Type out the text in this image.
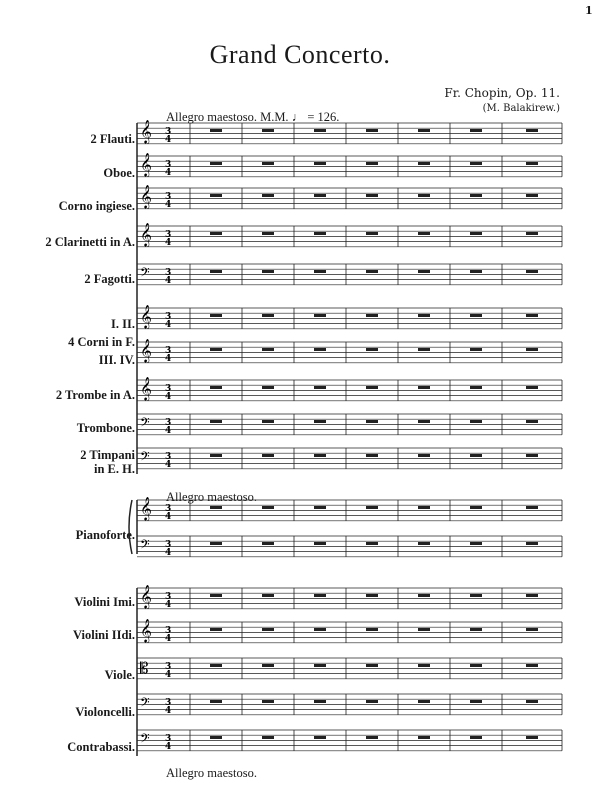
1
Grand Concerto.
Fr. Chopin, Op. 11.
(M. Balakirew.)
Allegro maestoso. M.M. ♩ = 126.
Allegro maestoso.
Allegro maestoso.
2 Flauti.
Oboe.
Corno ingiese.
2 Clarinetti in A.
2 Fagotti.
I. II.
4 Corni in F.
III. IV.
2 Trombe in A.
Trombone.
2 Timpani
in E. H.
Pianoforte.
Violini Imi.
Violini IIdi.
Viole.
Violoncelli.
Contrabassi.
𝄞 3
4
𝄞 3
4
𝄞 3
4
𝄞 3
4
𝄢 3
4
𝄞 3
4
𝄞 3
4
𝄞 3
4
𝄢 3
4
𝄢 3
4
𝄞 3
4
𝄢 3
4
𝄞 3
4
𝄞 3
4
𝄡 3
4
𝄢 3
4
𝄢 3
4
